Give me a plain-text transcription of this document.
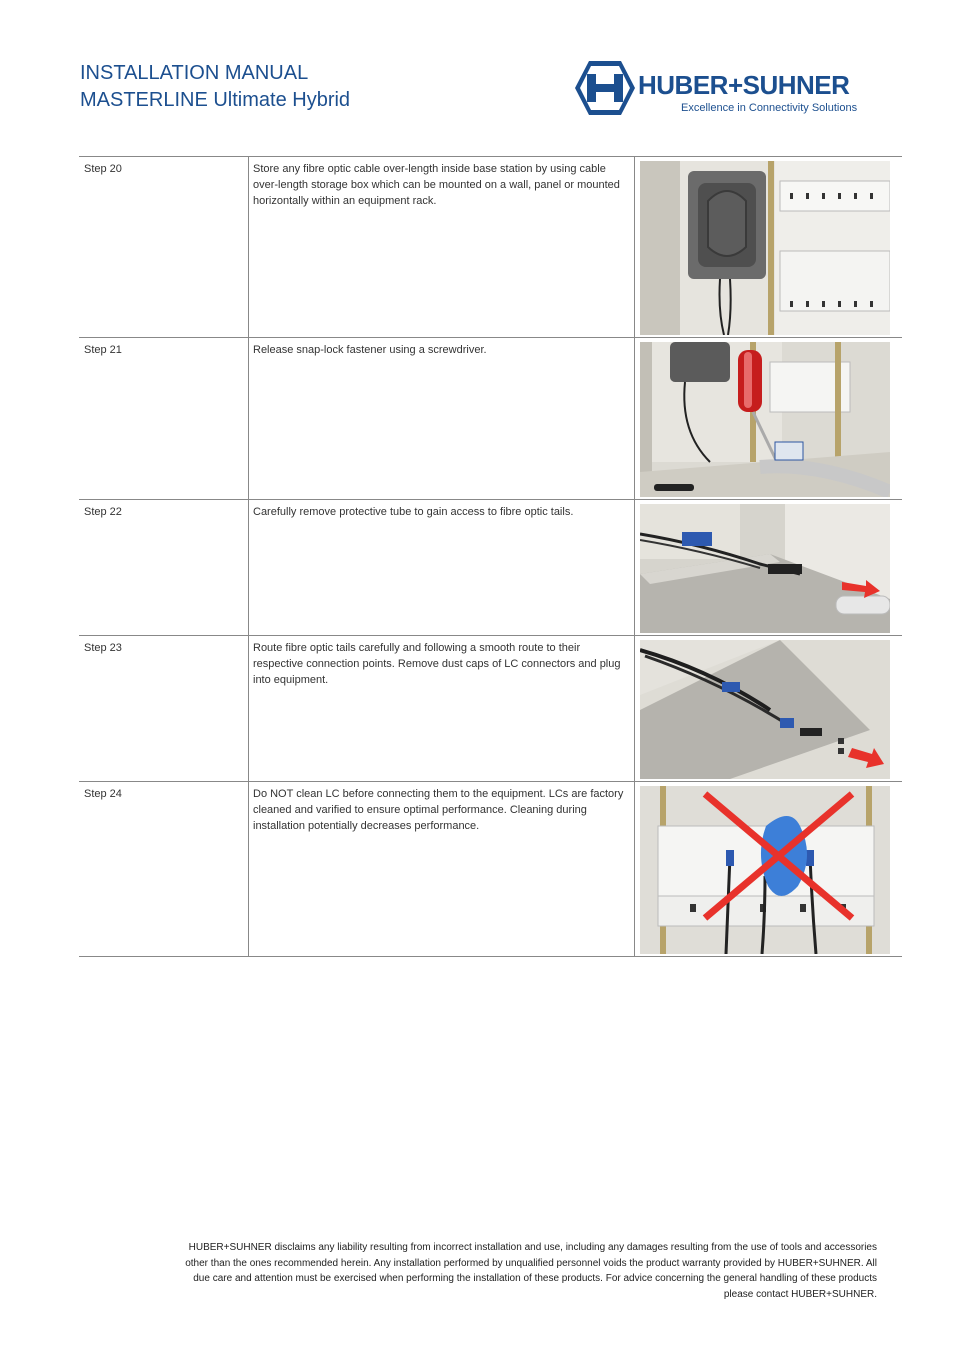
INSTALLATION MANUAL
MASTERLINE Ultimate Hybrid	HUBER+SUHNER
Excellence in Connectivity Solutions
Step 20	Store any fibre optic cable over-length inside base station by using cable over-length storage box which can be mounted on a wall, panel or mounted horizontally within an equipment rack.	

Step 21	Release snap-lock fastener using a screwdriver.	

Step 22	Carefully remove protective tube to gain access to fibre optic tails.	

Step 23	Route fibre optic tails carefully and following a smooth route to their respective connection points. Remove dust caps of LC connectors and plug into equipment.	

Step 24	Do NOT clean LC before connecting them to the equipment. LCs are factory cleaned and varified to ensure optimal performance. Cleaning during installation potentially decreases performance.	
HUBER+SUHNER disclaims any liability resulting from incorrect installation and use, including any damages resulting from the use of tools and accessories other than the ones recommended herein. Any installation performed by unqualified personnel voids the product warranty provided by HUBER+SUHNER. All due care and attention must be exercised when performing the installation of these products. For advice concerning the general handling of these products please contact HUBER+SUHNER.
